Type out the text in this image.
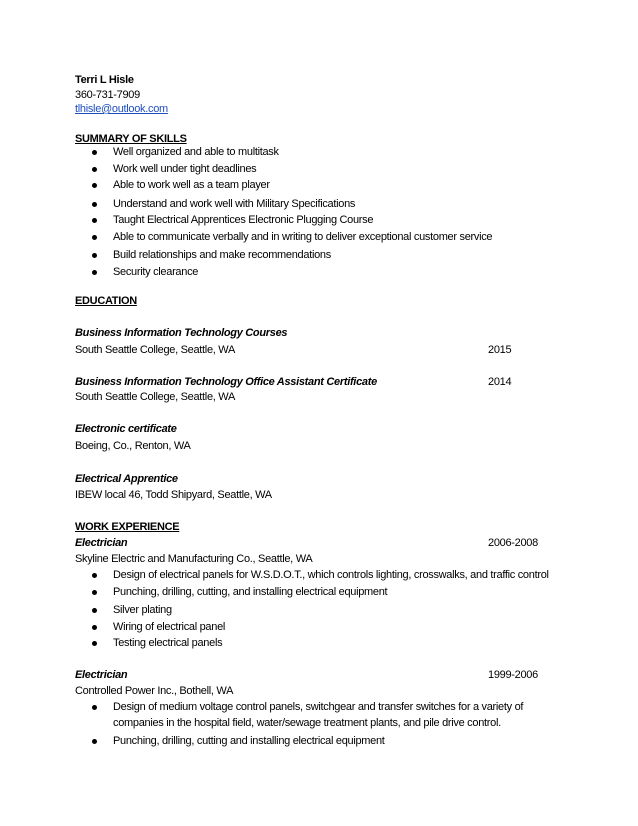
Terri L Hisle
360-731-7909
tlhisle@outlook.com
SUMMARY OF SKILLS
Well organized and able to multitask
Work well under tight deadlines
Able to work well as a team player
Understand and work well with Military Specifications
Taught Electrical Apprentices Electronic Plugging Course
Able to communicate verbally and in writing to deliver exceptional customer service
Build relationships and make recommendations
Security clearance
EDUCATION
Business Information Technology Courses
South Seattle College, Seattle, WA	2015
Business Information Technology Office Assistant Certificate	2014
South Seattle College, Seattle, WA
Electronic certificate
Boeing, Co., Renton, WA
Electrical Apprentice
IBEW local 46, Todd Shipyard, Seattle, WA
WORK EXPERIENCE
Electrician	2006-2008
Skyline Electric and Manufacturing Co., Seattle, WA
Design of electrical panels for W.S.D.O.T., which controls lighting, crosswalks, and traffic control
Punching, drilling, cutting, and installing electrical equipment
Silver plating
Wiring of electrical panel
Testing electrical panels
Electrician	1999-2006
Controlled Power Inc., Bothell, WA
Design of medium voltage control panels, switchgear and transfer switches for a variety of companies in the hospital field, water/sewage treatment plants, and pile drive control.
Punching, drilling, cutting and installing electrical equipment
